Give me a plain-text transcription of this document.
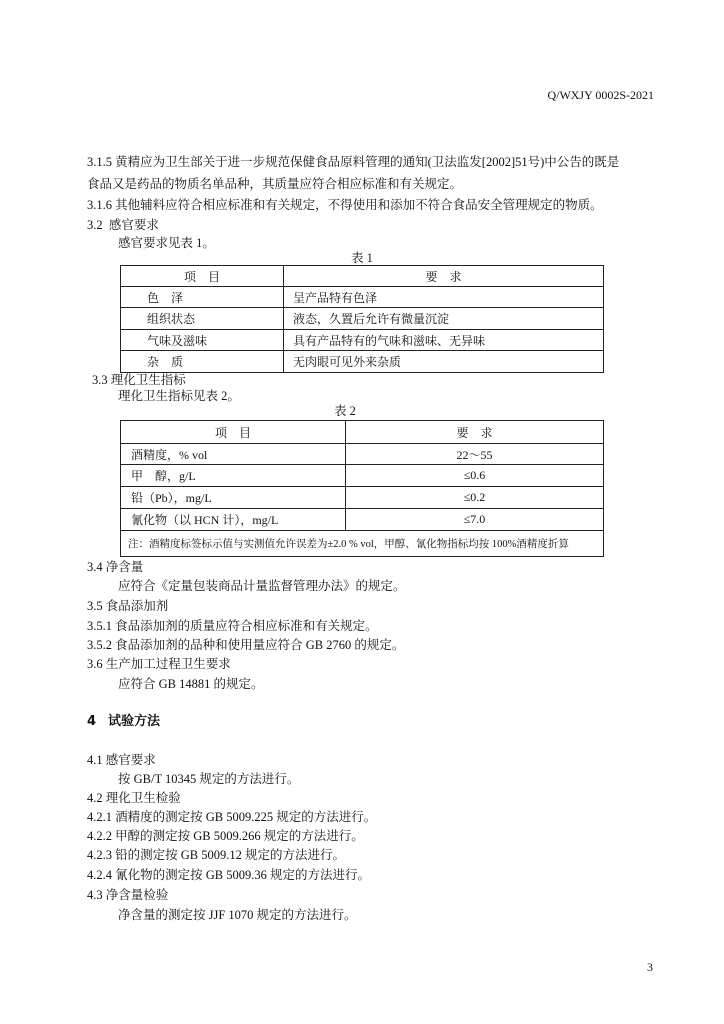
Q/WXJY 0002S-2021
3.1.5 黄精应为卫生部关于进一步规范保健食品原料管理的通知(卫法监发[2002]51号)中公告的既是
食品又是药品的物质名单品种，其质量应符合相应标准和有关规定。
3.1.6 其他辅料应符合相应标准和有关规定，不得使用和添加不符合食品安全管理规定的物质。
3.2  感官要求
感官要求见表 1。
表 1
项    目	要    求
色    泽	呈产品特有色泽
组织状态	液态，久置后允许有微量沉淀
气味及滋味	具有产品特有的气味和滋味、无异味
杂    质	无肉眼可见外来杂质
3.3 理化卫生指标
理化卫生指标见表 2。
表 2
项    目	要    求
酒精度，% vol	22～55
甲    醇，g/L	≤0.6
铅（Pb），mg/L	≤0.2
氰化物（以 HCN 计），mg/L	≤7.0
注：酒精度标签标示值与实测值允许误差为±2.0 % vol，甲醇、氰化物指标均按 100%酒精度折算	
3.4 净含量
应符合《定量包装商品计量监督管理办法》的规定。
3.5 食品添加剂
3.5.1 食品添加剂的质量应符合相应标准和有关规定。
3.5.2 食品添加剂的品种和使用量应符合 GB 2760 的规定。
3.6 生产加工过程卫生要求
应符合 GB 14881 的规定。
4 试验方法
4.1 感官要求
按 GB/T 10345 规定的方法进行。
4.2 理化卫生检验
4.2.1 酒精度的测定按 GB 5009.225 规定的方法进行。
4.2.2 甲醇的测定按 GB 5009.266 规定的方法进行。
4.2.3 铅的测定按 GB 5009.12 规定的方法进行。
4.2.4 氰化物的测定按 GB 5009.36 规定的方法进行。
4.3 净含量检验
净含量的测定按 JJF 1070 规定的方法进行。
3
